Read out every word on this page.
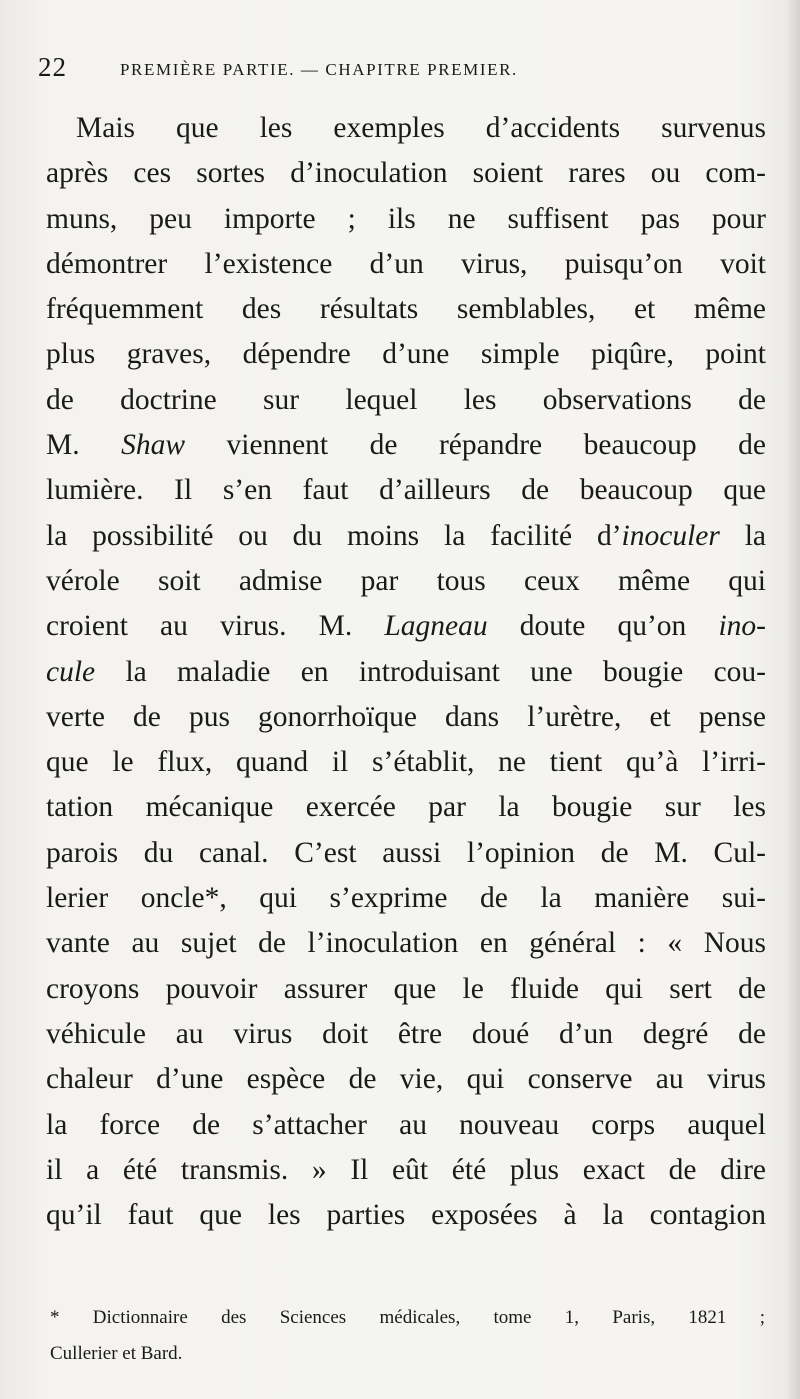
22	PREMIÈRE PARTIE. — CHAPITRE PREMIER.
Mais que les exemples d’accidents survenus
après ces sortes d’inoculation soient rares ou com-
muns, peu importe ; ils ne suffisent pas pour
démontrer l’existence d’un virus, puisqu’on voit
fréquemment des résultats semblables, et même
plus graves, dépendre d’une simple piqûre, point
de doctrine sur lequel les observations de
M. Shaw viennent de répandre beaucoup de
lumière. Il s’en faut d’ailleurs de beaucoup que
la possibilité ou du moins la facilité d’inoculer la
vérole soit admise par tous ceux même qui
croient au virus. M. Lagneau doute qu’on ino-
cule la maladie en introduisant une bougie cou-
verte de pus gonorrhoïque dans l’urètre, et pense
que le flux, quand il s’établit, ne tient qu’à l’irri-
tation mécanique exercée par la bougie sur les
parois du canal. C’est aussi l’opinion de M. Cul-
lerier oncle*, qui s’exprime de la manière sui-
vante au sujet de l’inoculation en général : « Nous
croyons pouvoir assurer que le fluide qui sert de
véhicule au virus doit être doué d’un degré de
chaleur d’une espèce de vie, qui conserve au virus
la force de s’attacher au nouveau corps auquel
il a été transmis. » Il eût été plus exact de dire
qu’il faut que les parties exposées à la contagion
* Dictionnaire des Sciences médicales, tome 1, Paris, 1821 ;
Cullerier et Bard.
